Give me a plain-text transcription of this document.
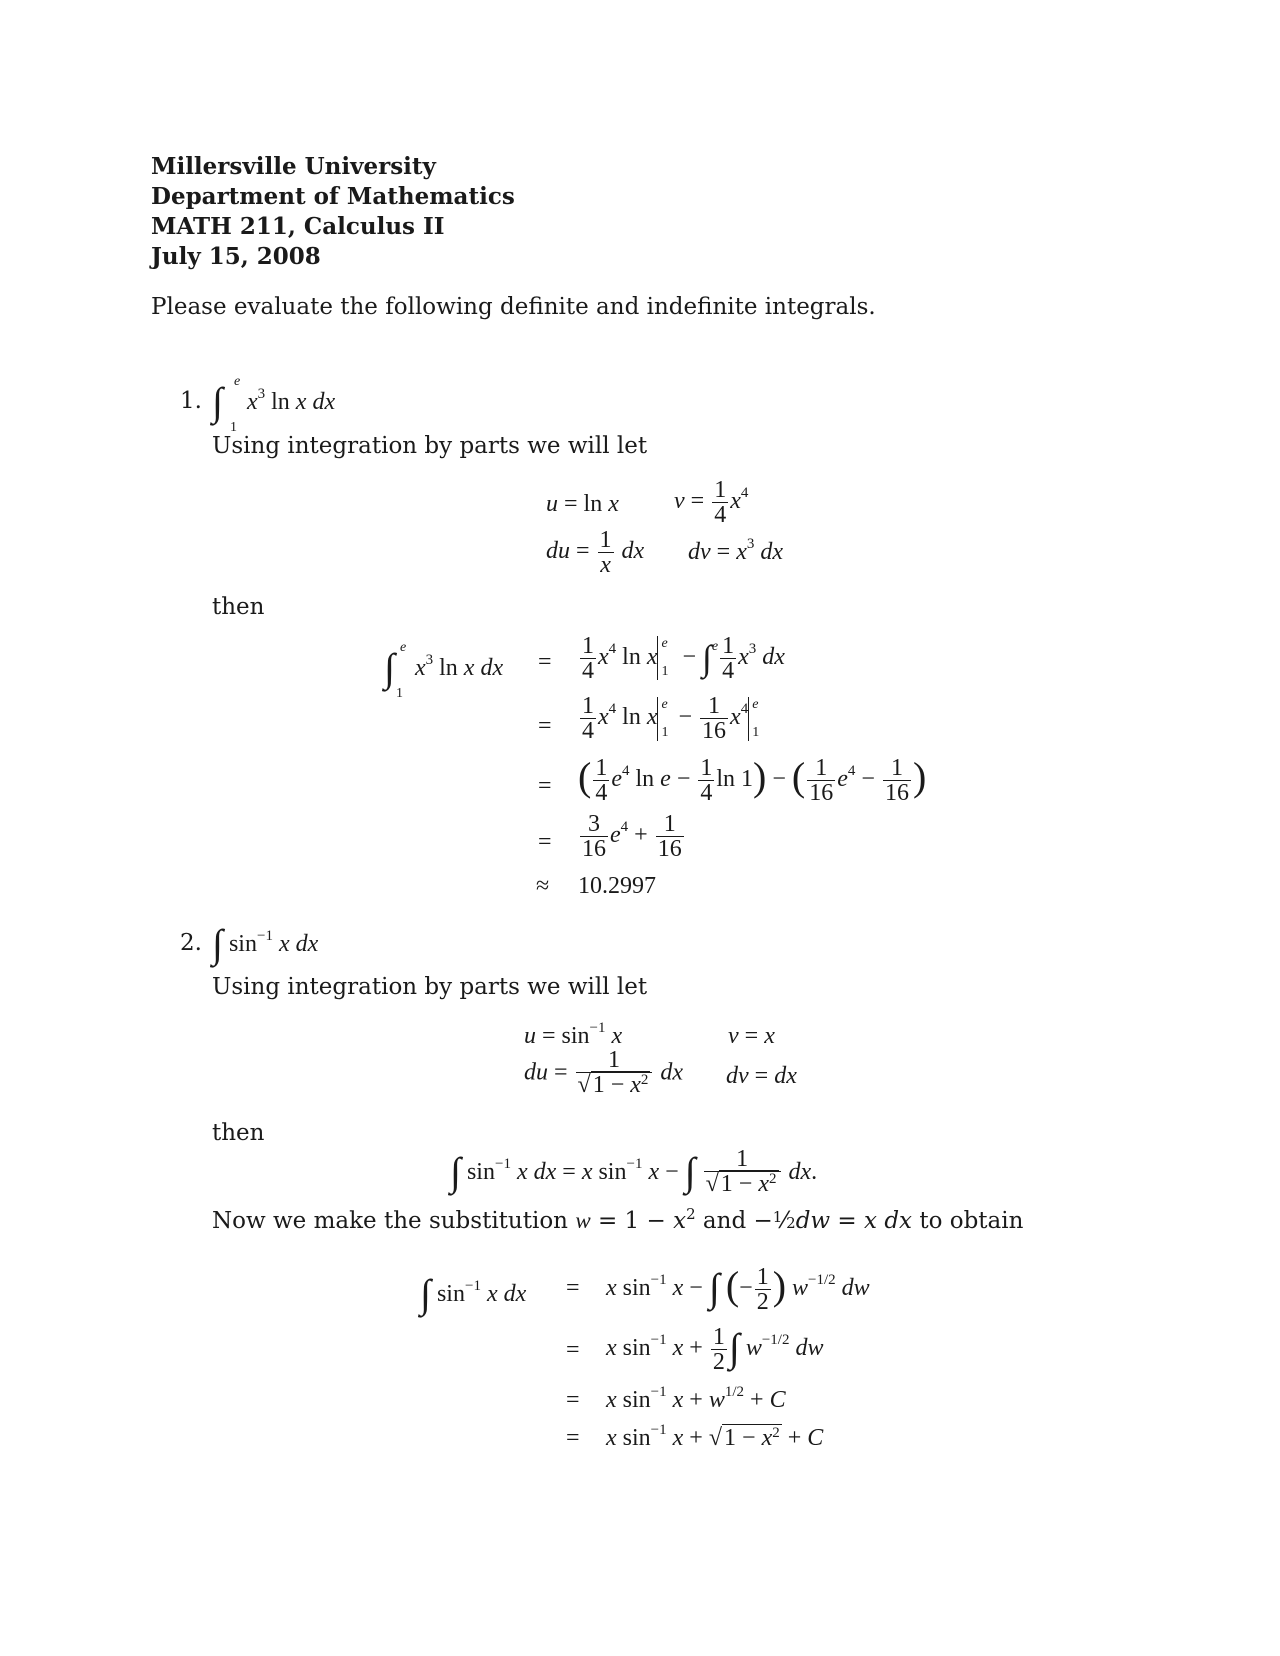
Millersville University
Department of Mathematics
MATH 211, Calculus II
July 15, 2008
Please evaluate the following definite and indefinite integrals.
1. ∫
1
e
$x^3$ ln x dx
Using integration by parts we will let
u = ln x $v = \frac{1}{4} x^4$
du = $\frac{1}{x}$ dx dv = $x^3$ dx
then
∫ e
1
$x^3$ ln x dx = $\frac{1}{4} x^4$ ln x
e
1
− $\int^e \frac{1}{4} x^3$ dx
= $\frac{1}{4} x^4$ ln x
e
1
− $\frac{1}{16} x^4$ e
1
= ( $\frac{1}{4} e^4$ $\ln e - \frac{1}{4}$ ln 1) − ( $\frac{1}{16} e^4 - \frac{1}{16}$ )
= $\frac{3}{16} e^4 + \frac{1}{16}$
≈ 10.2997
2. ∫ $\sin^{-1} x$ dx
Using integration by parts we will let
$u = \sin^{-1} x$	v = x
du = $\frac{1}{√1 - x^2}$ dx dv = dx
then
∫ $\sin^{-1} x$ dx = x $\sin^{-1} x$ − ∫ $\frac{1}{√1 - x^2}$ dx.
Now we make the substitution $w = 1 - x^2$ and −$^1$⁄2dw = x dx to obtain
∫ $\sin^{-1} x$ dx = x $\sin^{-1} x$ − ∫ (− $\frac{1}{2}$ ) $w^{-1/2}$ dw
= x $\sin^{-1} x + \frac{1}{2}$ ∫ $w^{-1/2}$ dw
= x $\sin^{-1} x + w^{1/2} + C$
= x $\sin^{-1} x + √1 - x^2 + C$
